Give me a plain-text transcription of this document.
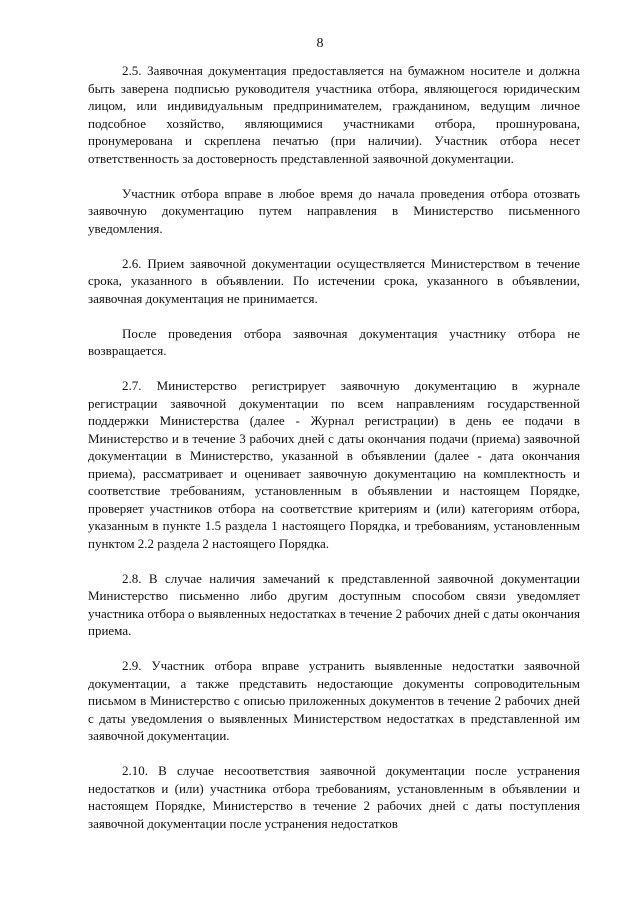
8

2.5. Заявочная документация предоставляется на бумажном носителе и должна быть заверена подписью руководителя участника отбора, являющегося юридическим лицом, или индивидуальным предпринимателем, гражданином, ведущим личное подсобное хозяйство, являющимися участниками отбора, прошнурована, пронумерована и скреплена печатью (при наличии). Участник отбора несет ответственность за достоверность представленной заявочной документации.

Участник отбора вправе в любое время до начала проведения отбора отозвать заявочную документацию путем направления в Министерство письменного уведомления.

2.6. Прием заявочной документации осуществляется Министерством в течение срока, указанного в объявлении. По истечении срока, указанного в объявлении, заявочная документация не принимается.

После проведения отбора заявочная документация участнику отбора не возвращается.

2.7. Министерство регистрирует заявочную документацию в журнале регистрации заявочной документации по всем направлениям государственной поддержки Министерства (далее - Журнал регистрации) в день ее подачи в Министерство и в течение 3 рабочих дней с даты окончания подачи (приема) заявочной документации в Министерство, указанной в объявлении (далее - дата окончания приема), рассматривает и оценивает заявочную документацию на комплектность и соответствие требованиям, установленным в объявлении и настоящем Порядке, проверяет участников отбора на соответствие критериям и (или) категориям отбора, указанным в пункте 1.5 раздела 1 настоящего Порядка, и требованиям, установленным пунктом 2.2 раздела 2 настоящего Порядка.

2.8. В случае наличия замечаний к представленной заявочной документации Министерство письменно либо другим доступным способом связи уведомляет участника отбора о выявленных недостатках в течение 2 рабочих дней с даты окончания приема.

2.9. Участник отбора вправе устранить выявленные недостатки заявочной документации, а также представить недостающие документы сопроводительным письмом в Министерство с описью приложенных документов в течение 2 рабочих дней с даты уведомления о выявленных Министерством недостатках в представленной им заявочной документации.

2.10. В случае несоответствия заявочной документации после устранения недостатков и (или) участника отбора требованиям, установленным в объявлении и настоящем Порядке, Министерство в течение 2 рабочих дней с даты поступления заявочной документации после устранения недостатков
